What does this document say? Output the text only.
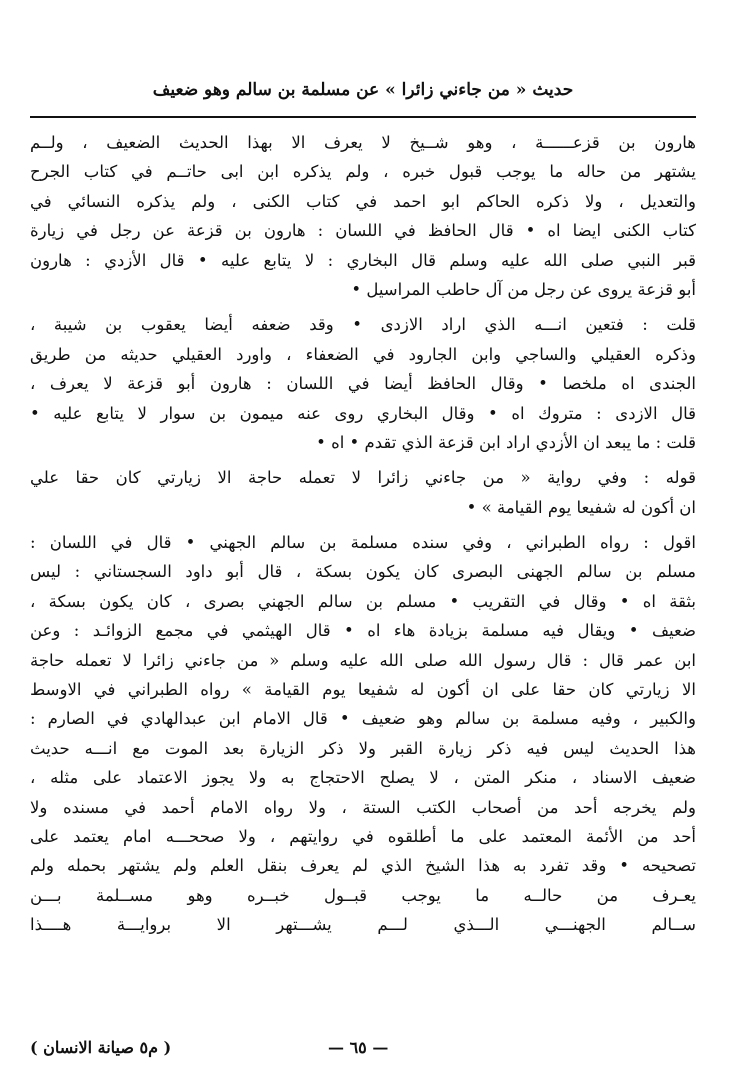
حديث « من جاءني زائرا » عن مسلمة بن سالم وهو ضعيف
هارون بن قزعــــــة ، وهو شــيخ لا يعرف الا بهذا الحديث الضعيف ، ولــم
يشتهر من حاله ما يوجب قبول خبره ، ولم يذكره ابن ابى حاتــم في كتاب الجرح
والتعديل ، ولا ذكره الحاكم ابو احمد في كتاب الكنى ، ولم يذكره النسائي في
كتاب الكنى ايضا اه • قال الحافظ في اللسان : هارون بن قزعة عن رجل في زيارة
قبر النبي صلى الله عليه وسلم قال البخاري : لا يتابع عليه • قال الأزدي : هارون
أبو قزعة يروى عن رجل من آل حاطب المراسيل •
قلت : فتعين انـــه الذي اراد الازدى • وقد ضعفه أيضا يعقوب بن شيبة ،
وذكره العقيلي والساجي وابن الجارود في الضعفاء ، واورد العقيلي حديثه من طريق
الجندى اه ملخصا • وقال الحافظ أيضا في اللسان : هارون أبو قزعة لا يعرف ،
قال الازدى : متروك اه • وقال البخاري روى عنه ميمون بن سوار لا يتابع عليه •
قلت : ما يبعد ان الأزدي اراد ابن قزعة الذي تقدم • اه •
قوله : وفي رواية « من جاءني زائرا لا تعمله حاجة الا زيارتي كان حقا علي
ان أكون له شفيعا يوم القيامة » •
اقول : رواه الطبراني ، وفي سنده مسلمة بن سالم الجهني • قال في اللسان :
مسلم بن سالم الجهنى البصرى كان يكون بسكة ، قال أبو داود السجستاني : ليس
بثقة اه • وقال في التقريب • مسلم بن سالم الجهني بصرى ، كان يكون بسكة ،
ضعيف • ويقال فيه مسلمة بزيادة هاء اه • قال الهيثمي في مجمع الزوائـد : وعن
ابن عمر قال : قال رسول الله صلى الله عليه وسلم « من جاءني زائرا لا تعمله حاجة
الا زيارتي كان حقا على ان أكون له شفيعا يوم القيامة » رواه الطبراني في الاوسط
والكبير ، وفيه مسلمة بن سالم وهو ضعيف • قال الامام ابن عبدالهادي في الصارم :
هذا الحديث ليس فيه ذكر زيارة القبر ولا ذكر الزيارة بعد الموت مع انـــه حديث
ضعيف الاسناد ، منكر المتن ، لا يصلح الاحتجاج به ولا يجوز الاعتماد على مثله ،
ولم يخرجه أحد من أصحاب الكتب الستة ، ولا رواه الامام أحمد في مسنده ولا
أحد من الأئمة المعتمد على ما أطلقوه في روايتهم ، ولا صححـــه امام يعتمد على
تصحيحه • وقد تفرد به هذا الشيخ الذي لم يعرف بنقل العلم ولم يشتهر بحمله ولم
يعـرف من حالــه ما يوجب قبــول خبــره وهو مســلمة بـــن
ســالم الجهنـــي الـــذي لـــم يشـــتهر الا بروايـــة هــــذا
— ٦٥ —
( م٥ صيانة الانسان )
